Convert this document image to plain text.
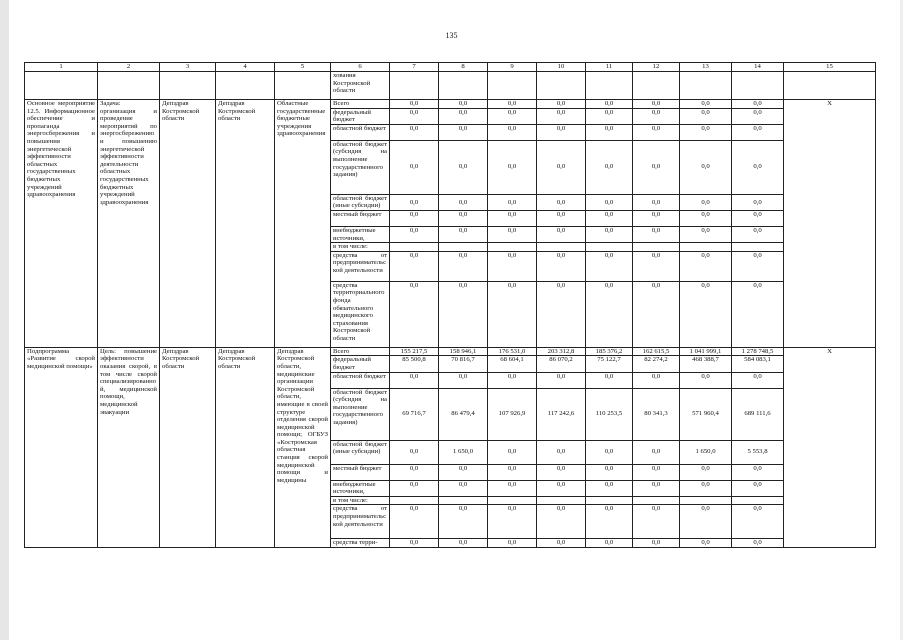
135
1	2	3	4	5	6	7	8	9	10	11	12	13	14	15
					хования Костромской области									
Основное мероприятие 12.5. Информационное обеспечение и пропаганда энергосбережения и повышения энергетической эффективности областных государственных бюджетных учреждений здравоохранения	Задача: организация и проведение мероприятий по энергосбережению и повышению энергетической эффективности деятельности областных государственных бюджетных учреждений здравоохранения	Депздрав Костромской области	Депздрав Костромской области	Областные государственные бюджетные учреждения здравоохранения	Всего	0,0	0,0	0,0	0,0	0,0	0,0	0,0	0,0	Х
					федеральный бюджет	0,0	0,0	0,0	0,0	0,0	0,0	0,0	0,0	
					областной бюджет	0,0	0,0	0,0	0,0	0,0	0,0	0,0	0,0	
					областной бюджет (субсидия на выполнение государственного задания)	0,0	0,0	0,0	0,0	0,0	0,0	0,0	0,0	
					областной бюджет (иные субсидии)	0,0	0,0	0,0	0,0	0,0	0,0	0,0	0,0	
					местный бюджет	0,0	0,0	0,0	0,0	0,0	0,0	0,0	0,0	
					внебюджетные источники,	0,0	0,0	0,0	0,0	0,0	0,0	0,0	0,0	
					в том числе:									
					средства от предпринимательской деятельности	0,0	0,0	0,0	0,0	0,0	0,0	0,0	0,0	
					средства территориального фонда обязательного медицинского страхования Костромской области	0,0	0,0	0,0	0,0	0,0	0,0	0,0	0,0	
Подпрограмма «Развитие скорой медицинской помощи»	Цель: повышение эффективности оказания скорой, в том числе скорой специализированной, медицинской помощи, медицинской эвакуации	Депздрав Костромской области	Депздрав Костромской области	Депздрав Костромской области, медицинские организации Костромской области, имеющие в своей структуре отделения скорой медицинской помощи; ОГБУЗ «Костромская областная станция скорой медицинской помощи и медицины	Всего	155 217,5	158 946,1	176 531,0	203 312,8	185 376,2	162 615,5	1 041 999,1	1 278 748,5	Х
					федеральный бюджет	85 500,8	70 816,7	68 604,1	86 070,2	75 122,7	82 274,2	468 388,7	584 083,1	
					областной бюджет	0,0	0,0	0,0	0,0	0,0	0,0	0,0	0,0	
					областной бюджет (субсидия на выполнение государственного задания)	69 716,7	86 479,4	107 926,9	117 242,6	110 253,5	80 341,3	571 960,4	689 111,6	
					областной бюджет (иные субсидии)	0,0	1 650,0	0,0	0,0	0,0	0,0	1 650,0	5 553,8	
					местный бюджет	0,0	0,0	0,0	0,0	0,0	0,0	0,0	0,0	
					внебюджетные источники,	0,0	0,0	0,0	0,0	0,0	0,0	0,0	0,0	
					в том числе:									
					средства от предпринимательской деятельности	0,0	0,0	0,0	0,0	0,0	0,0	0,0	0,0	
					средства терри-	0,0	0,0	0,0	0,0	0,0	0,0	0,0	0,0	
